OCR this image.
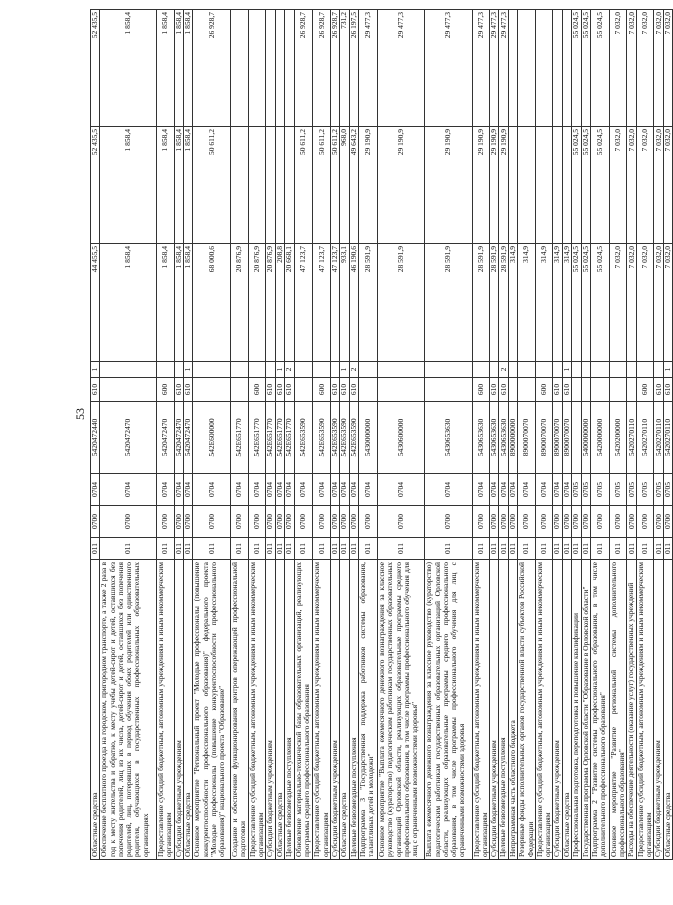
53
Областные средства	011	0700	0704	5420472440	610	1	44 455,5	52 435,5	52 435,5
Обеспечение бесплатного проезда на городском, пригородном транспорте, а также 2 раза в год к месту жительства и обратно, к месту учебы детей-сирот и детей, оставшихся без попечения родителей, лиц из их числа, детей-сирот и детей, оставшихся без попечения родителей, лиц, потерявших в период обучения обоих родителей или единственного родителя, обучающихся в государственных профессиональных образовательных организациях	011	0700	0704	5420472470			1 858,4	1 858,4	1 858,4
Предоставление субсидий бюджетным, автономным учреждениям и иным некоммерческим организациям	011	0700	0704	5420472470	600		1 858,4	1 858,4	1 858,4
Субсидии бюджетным учреждениям	011	0700	0704	5420472470	610		1 858,4	1 858,4	1 858,4
Областные средства	011	0700	0704	5420472470	610	1	1 858,4	1 858,4	1 858,4
Основное мероприятие "Региональный проект "Молодые профессионалы (повышение конкурентоспособности профессионального образования)" федерального проекта "Молодые профессионалы (повышение конкурентоспособности профессионального образования)" национального проекта "Образование"	011	0700	0704	542E600000			68 000,6	50 611,2	26 928,7
Создание и обеспечение функционирования центров опережающей профессиональной подготовки	011	0700	0704	542E651770			20 876,9		
Предоставление субсидий бюджетным, автономным учреждениям и иным некоммерческим организациям	011	0700	0704	542E651770	600		20 876,9		
Субсидии бюджетным учреждениям	011	0700	0704	542E651770	610		20 876,9		
Областные средства	011	0700	0704	542E651770	610	1	208,8		
Целевые безвозмездные поступления	011	0700	0704	542E651770	610	2	20 668,1		
Обновление материально-технической базы образовательных организаций, реализующих программы среднего профессионального образования	011	0700	0704	542E653590			47 123,7	50 611,2	26 928,7
Предоставление субсидий бюджетным, автономным учреждениям и иным некоммерческим организациям	011	0700	0704	542E653590	600		47 123,7	50 611,2	26 928,7
Субсидии бюджетным учреждениям	011	0700	0704	542E653590	610		47 123,7	50 611,2	26 928,7
Областные средства	011	0700	0704	542E653590	610	1	933,1	968,0	731,2
Целевые безвозмездные поступления	011	0700	0704	542E653590	610	2	46 190,6	49 643,2	26 197,5
Подпрограмма 3 "Государственная поддержка работников системы образования, талантливых детей и молодежи"	011	0700	0704	5430000000			28 591,9	29 190,9	29 477,3
Основное мероприятие "Выплата ежемесячного денежного вознаграждения за классное руководство (кураторство) педагогическим работникам государственных образовательных организаций Орловской области, реализующих образовательные программы среднего профессионального образования, в том числе программы профессионального обучения для лиц с ограниченными возможностями здоровья"	011	0700	0704	5430600000			28 591,9	29 190,9	29 477,3
Выплата ежемесячного денежного вознаграждения за классное руководство (кураторство) педагогическим работникам государственных образовательных организаций Орловской области, реализующих образовательные программы среднего профессионального образования, в том числе программы профессионального обучения для лиц с ограниченными возможностями здоровья	011	0700	0704	5430653630			28 591,9	29 190,9	29 477,3
Предоставление субсидий бюджетным, автономным учреждениям и иным некоммерческим организациям	011	0700	0704	5430653630	600		28 591,9	29 190,9	29 477,3
Субсидии бюджетным учреждениям	011	0700	0704	5430653630	610		28 591,9	29 190,9	29 477,3
Целевые безвозмездные поступления	011	0700	0704	5430653630	610	2	28 591,9	29 190,9	29 477,3
Непрограммная часть областного бюджета	011	0700	0704	8900000000			314,9		
Резервные фонды исполнительных органов государственной власти субъектов Российской Федерации	011	0700	0704	8900070070			314,9		
Предоставление субсидий бюджетным, автономным учреждениям и иным некоммерческим организациям	011	0700	0704	8900070070	600		314,9		
Субсидии бюджетным учреждениям	011	0700	0704	8900070070	610		314,9		
Областные средства	011	0700	0704	8900070070	610	1	314,9		
Профессиональная подготовка, переподготовка и повышение квалификации	011	0700	0705				55 024,5	55 024,5	55 024,5
Государственная программа Орловской области "Образование в Орловской области"	011	0700	0705	5400000000			55 024,5	55 024,5	55 024,5
Подпрограмма 2 "Развитие системы профессионального образования, в том числе дополнительного профессионального образования"	011	0700	0705	5420000000			55 024,5	55 024,5	55 024,5
Основное мероприятие "Развитие региональной системы дополнительного профессионального образования"	011	0700	0705	5420200000			7 032,0	7 032,0	7 032,0
Расходы на обеспечение деятельности (оказание услуг) государственных учреждений	011	0700	0705	5420270110			7 032,0	7 032,0	7 032,0
Предоставление субсидий бюджетным, автономным учреждениям и иным некоммерческим организациям	011	0700	0705	5420270110	600		7 032,0	7 032,0	7 032,0
Субсидии бюджетным учреждениям	011	0700	0705	5420270110	610		7 032,0	7 032,0	7 032,0
Областные средства	011	0700	0705	5420270110	610	1	7 032,0	7 032,0	7 032,0
